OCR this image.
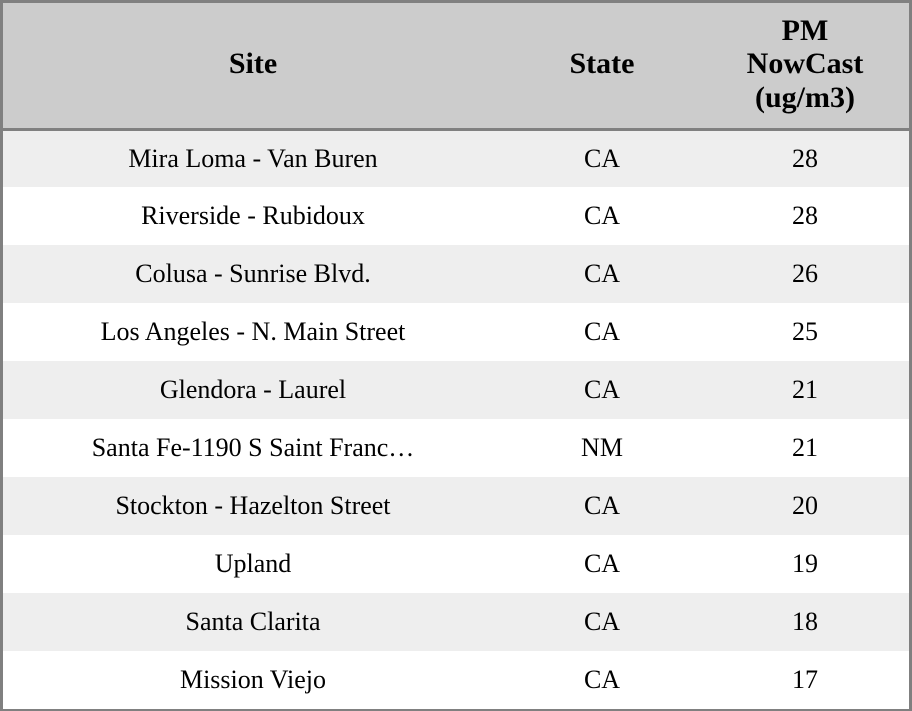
Site	State	PM
NowCast
(ug/m3)

Mira Loma - Van Buren	CA	28
Riverside - Rubidoux	CA	28
Colusa - Sunrise Blvd.	CA	26
Los Angeles - N. Main Street	CA	25
Glendora - Laurel	CA	21
Santa Fe-1190 S Saint Franc…	NM	21
Stockton - Hazelton Street	CA	20
Upland	CA	19
Santa Clarita	CA	18
Mission Viejo	CA	17
